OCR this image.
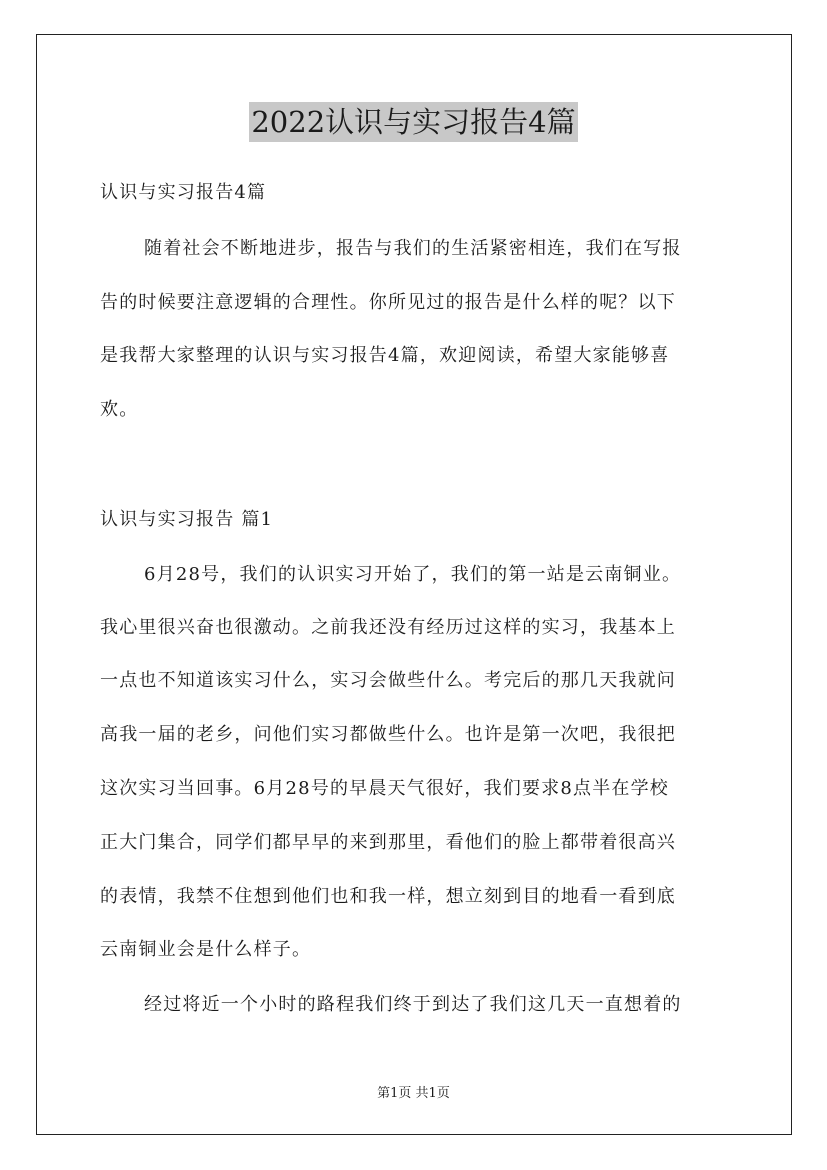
2022认识与实习报告4篇
认识与实习报告4篇
随着社会不断地进步，报告与我们的生活紧密相连，我们在写报
告的时候要注意逻辑的合理性。你所见过的报告是什么样的呢？以下
是我帮大家整理的认识与实习报告4篇，欢迎阅读，希望大家能够喜
欢。
认识与实习报告 篇1
6月28号，我们的认识实习开始了，我们的第一站是云南铜业。
我心里很兴奋也很激动。之前我还没有经历过这样的实习，我基本上
一点也不知道该实习什么，实习会做些什么。考完后的那几天我就问
高我一届的老乡，问他们实习都做些什么。也许是第一次吧，我很把
这次实习当回事。6月28号的早晨天气很好，我们要求8点半在学校
正大门集合，同学们都早早的来到那里，看他们的脸上都带着很高兴
的表情，我禁不住想到他们也和我一样，想立刻到目的地看一看到底
云南铜业会是什么样子。
经过将近一个小时的路程我们终于到达了我们这几天一直想着的
第1页 共1页
